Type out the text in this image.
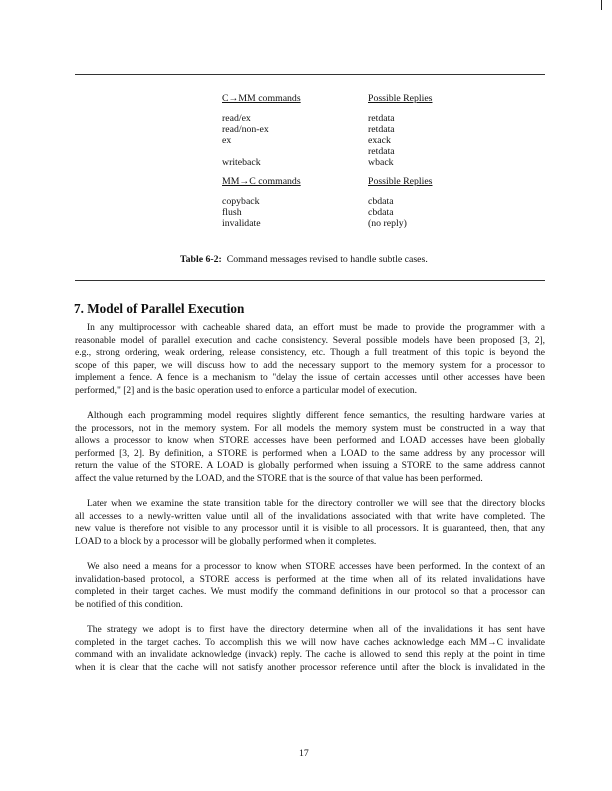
C→MM commands	Possible Replies
read/ex	retdata
read/non-ex	retdata
ex	exack
retdata
writeback	wback
MM→C commands	Possible Replies
copyback	cbdata
flush	cbdata
invalidate	(no reply)
Table 6-2: Command messages revised to handle subtle cases.
7. Model of Parallel Execution
In any multiprocessor with cacheable shared data, an effort must be made to provide the programmer with a
reasonable model of parallel execution and cache consistency. Several possible models have been proposed [3, 2],
e.g., strong ordering, weak ordering, release consistency, etc. Though a full treatment of this topic is beyond the
scope of this paper, we will discuss how to add the necessary support to the memory system for a processor to
implement a fence. A fence is a mechanism to "delay the issue of certain accesses until other accesses have been
performed," [2] and is the basic operation used to enforce a particular model of execution.
Although each programming model requires slightly different fence semantics, the resulting hardware varies at
the processors, not in the memory system. For all models the memory system must be constructed in a way that
allows a processor to know when STORE accesses have been performed and LOAD accesses have been globally
performed [3, 2]. By definition, a STORE is performed when a LOAD to the same address by any processor will
return the value of the STORE. A LOAD is globally performed when issuing a STORE to the same address cannot
affect the value returned by the LOAD, and the STORE that is the source of that value has been performed.
Later when we examine the state transition table for the directory controller we will see that the directory blocks
all accesses to a newly-written value until all of the invalidations associated with that write have completed. The
new value is therefore not visible to any processor until it is visible to all processors. It is guaranteed, then, that any
LOAD to a block by a processor will be globally performed when it completes.
We also need a means for a processor to know when STORE accesses have been performed. In the context of an
invalidation-based protocol, a STORE access is performed at the time when all of its related invalidations have
completed in their target caches. We must modify the command definitions in our protocol so that a processor can
be notified of this condition.
The strategy we adopt is to first have the directory determine when all of the invalidations it has sent have
completed in the target caches. To accomplish this we will now have caches acknowledge each MM→C invalidate
command with an invalidate acknowledge (invack) reply. The cache is allowed to send this reply at the point in time
when it is clear that the cache will not satisfy another processor reference until after the block is invalidated in the
17
